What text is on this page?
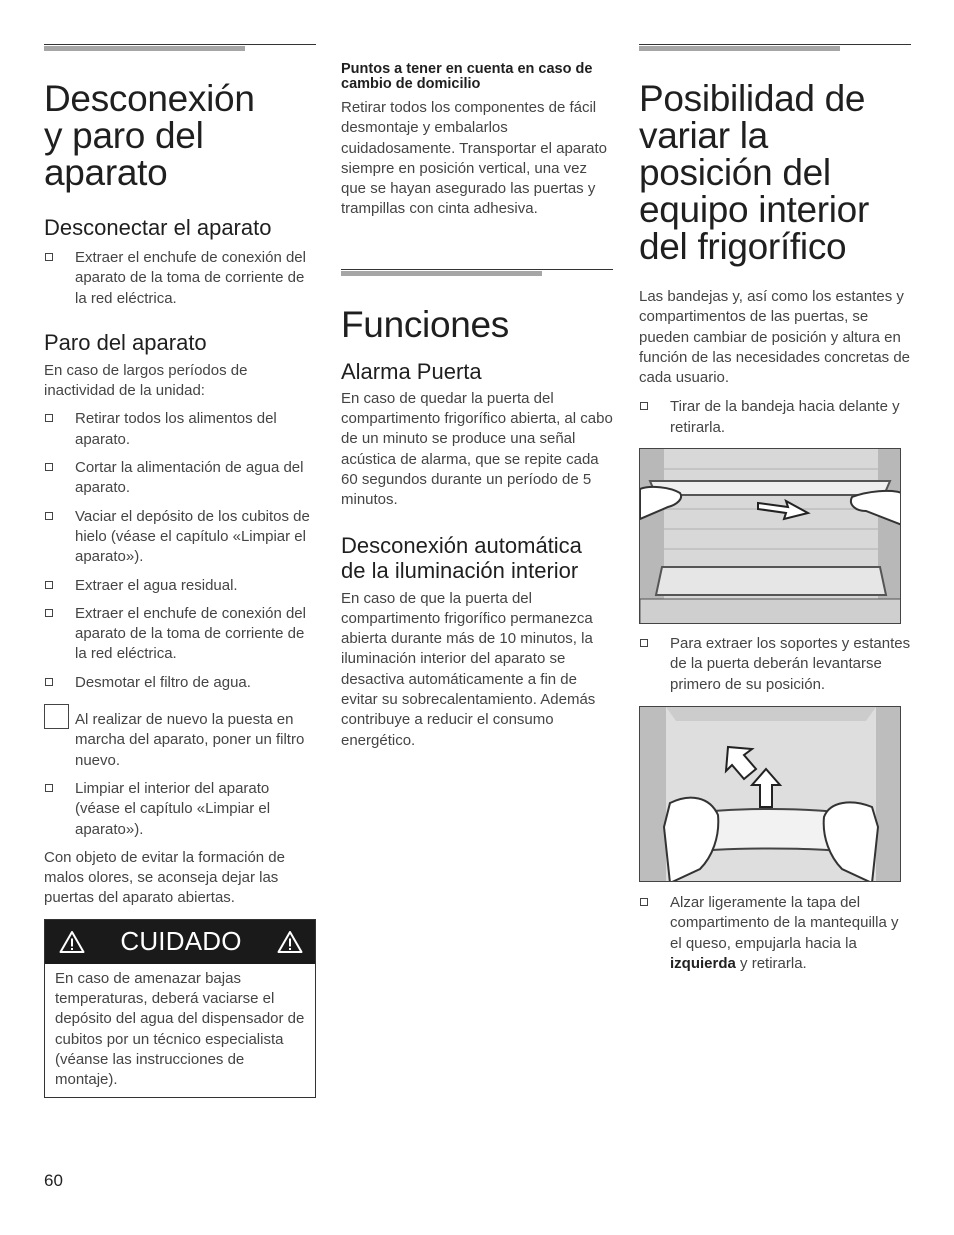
Desconexión
y paro del
aparato
Desconectar el aparato
Extraer el enchufe de conexión del aparato de la toma de corriente de la red eléctrica.
Paro del aparato

En caso de largos períodos de inactividad de la unidad:

Retirar todos los alimentos del aparato.
Cortar la alimentación de agua del aparato.
Vaciar el depósito de los cubitos de hielo (véase el capítulo «Limpiar el aparato»).
Extraer el agua residual.
Extraer el enchufe de conexión del aparato de la toma de corriente de la red eléctrica.
Desmotar el filtro de agua.
Al realizar de nuevo la puesta en marcha del aparato, poner un filtro nuevo.
Limpiar el interior del aparato (véase el capítulo «Limpiar el aparato»).

Con objeto de evitar la formación de malos olores, se aconseja dejar las puertas del aparato abiertas.

CUIDADO

En caso de amenazar bajas temperaturas, deberá vaciarse el depósito del agua del dispensador de cubitos por un técnico especialista (véanse las instrucciones de montaje).

Puntos a tener en cuenta en caso de cambio de domicilio

Retirar todos los componentes de fácil desmontaje y embalarlos cuidadosamente. Transportar el aparato siempre en posición vertical, una vez que se hayan asegurado las puertas y trampillas con cinta adhesiva.

Funciones
Alarma Puerta

En caso de quedar la puerta del compartimento frigorífico abierta, al cabo de un minuto se produce una señal acústica de alarma, que se repite cada 60 segundos durante un período de 5 minutos.

Desconexión automática de la iluminación interior

En caso de que la puerta del compartimento frigorífico permanezca abierta durante más de 10 minutos, la iluminación interior del aparato se desactiva automáticamente a fin de evitar su sobrecalentamiento. Además contribuye a reducir el consumo energético.

Posibilidad de
variar la
posición del
equipo interior
del frigorífico

Las bandejas y, así como los estantes y compartimentos de las puertas, se pueden cambiar de posición y altura en función de las necesidades concretas de cada usuario.

Tirar de la bandeja hacia delante y retirarla.
Para extraer los soportes y estantes de la puerta deberán levantarse primero de su posición.
Alzar ligeramente la tapa del compartimento de la mantequilla y el queso, empujarla hacia la izquierda y retirarla.
60
